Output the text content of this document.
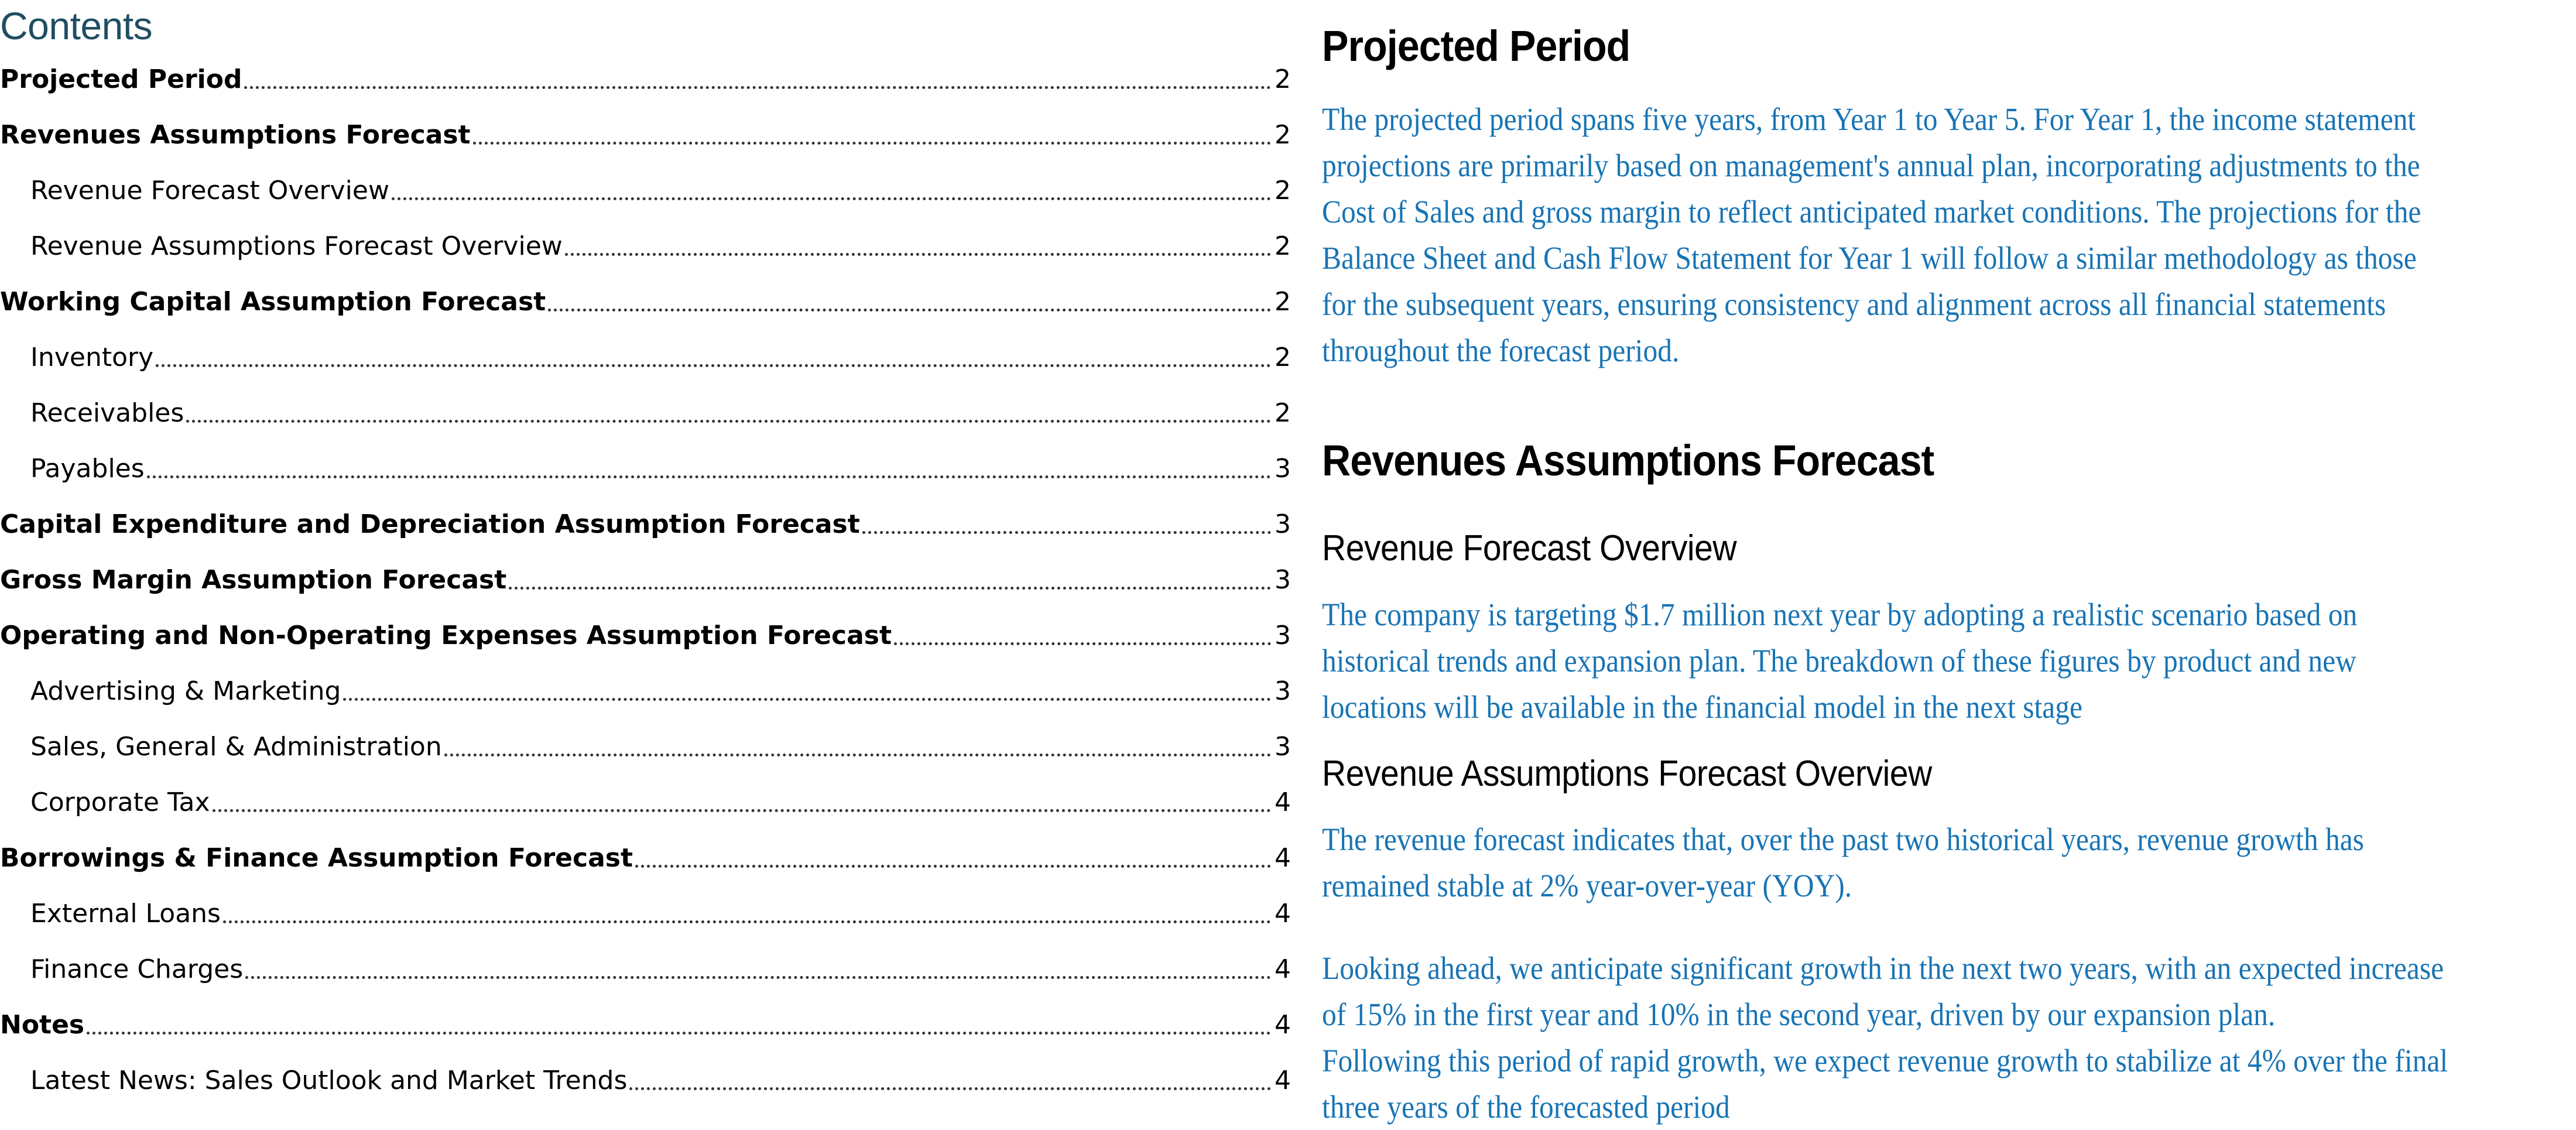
Contents
Projected Period	2
Revenues Assumptions Forecast	2
Revenue Forecast Overview	2
Revenue Assumptions Forecast Overview	2
Working Capital Assumption Forecast	2
Inventory	2
Receivables	2
Payables	3
Capital Expenditure and Depreciation Assumption Forecast	3
Gross Margin Assumption Forecast	3
Operating and Non-Operating Expenses Assumption Forecast	3
Advertising & Marketing	3
Sales, General & Administration	3
Corporate Tax	4
Borrowings & Finance Assumption Forecast	4
External Loans	4
Finance Charges	4
Notes	4
Latest News: Sales Outlook and Market Trends	4
Projected Period
The projected period spans five years, from Year 1 to Year 5. For Year 1, the income statement
projections are primarily based on management's annual plan, incorporating adjustments to the
Cost of Sales and gross margin to reflect anticipated market conditions. The projections for the
Balance Sheet and Cash Flow Statement for Year 1 will follow a similar methodology as those
for the subsequent years, ensuring consistency and alignment across all financial statements
throughout the forecast period.
Revenues Assumptions Forecast
Revenue Forecast Overview
The company is targeting $1.7 million next year by adopting a realistic scenario based on
historical trends and expansion plan. The breakdown of these figures by product and new
locations will be available in the financial model in the next stage
Revenue Assumptions Forecast Overview
The revenue forecast indicates that, over the past two historical years, revenue growth has
remained stable at 2% year-over-year (YOY).
Looking ahead, we anticipate significant growth in the next two years, with an expected increase
of 15% in the first year and 10% in the second year, driven by our expansion plan.
Following this period of rapid growth, we expect revenue growth to stabilize at 4% over the final
three years of the forecasted period
